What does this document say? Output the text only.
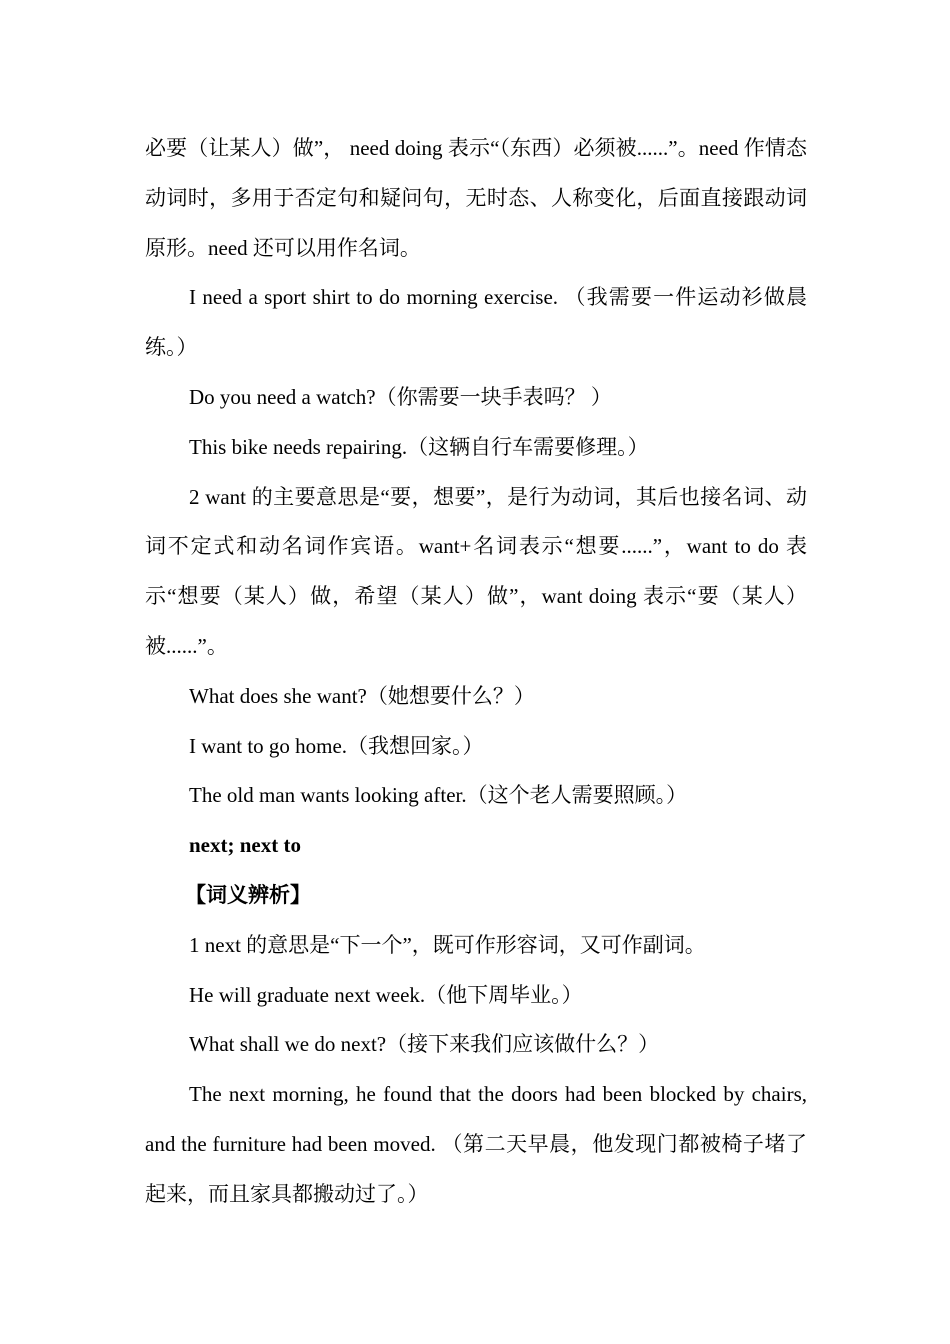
必要（让某人）做”， need doing 表示“（东西）必须被......”。need 作情态动词时，多用于否定句和疑问句，无时态、人称变化，后面直接跟动词原形。need 还可以用作名词。

I need a sport shirt to do morning exercise. （我需要一件运动衫做晨练。）

Do you need a watch?（你需要一块手表吗？ ）

This bike needs repairing.（这辆自行车需要修理。）

2 want 的主要意思是“要，想要”，是行为动词，其后也接名词、动词不定式和动名词作宾语。want+名词表示“想要......”，want to do 表示“想要（某人）做，希望（某人）做”，want doing 表示“要（某人）被......”。

What does she want?（她想要什么？）

I want to go home.（我想回家。）

The old man wants looking after.（这个老人需要照顾。）

next; next to

【词义辨析】

1 next 的意思是“下一个”，既可作形容词，又可作副词。

He will graduate next week.（他下周毕业。）

What shall we do next?（接下来我们应该做什么？）

The next morning, he found that the doors had been blocked by chairs, and the furniture had been moved. （第二天早晨，他发现门都被椅子堵了起来，而且家具都搬动过了。）
